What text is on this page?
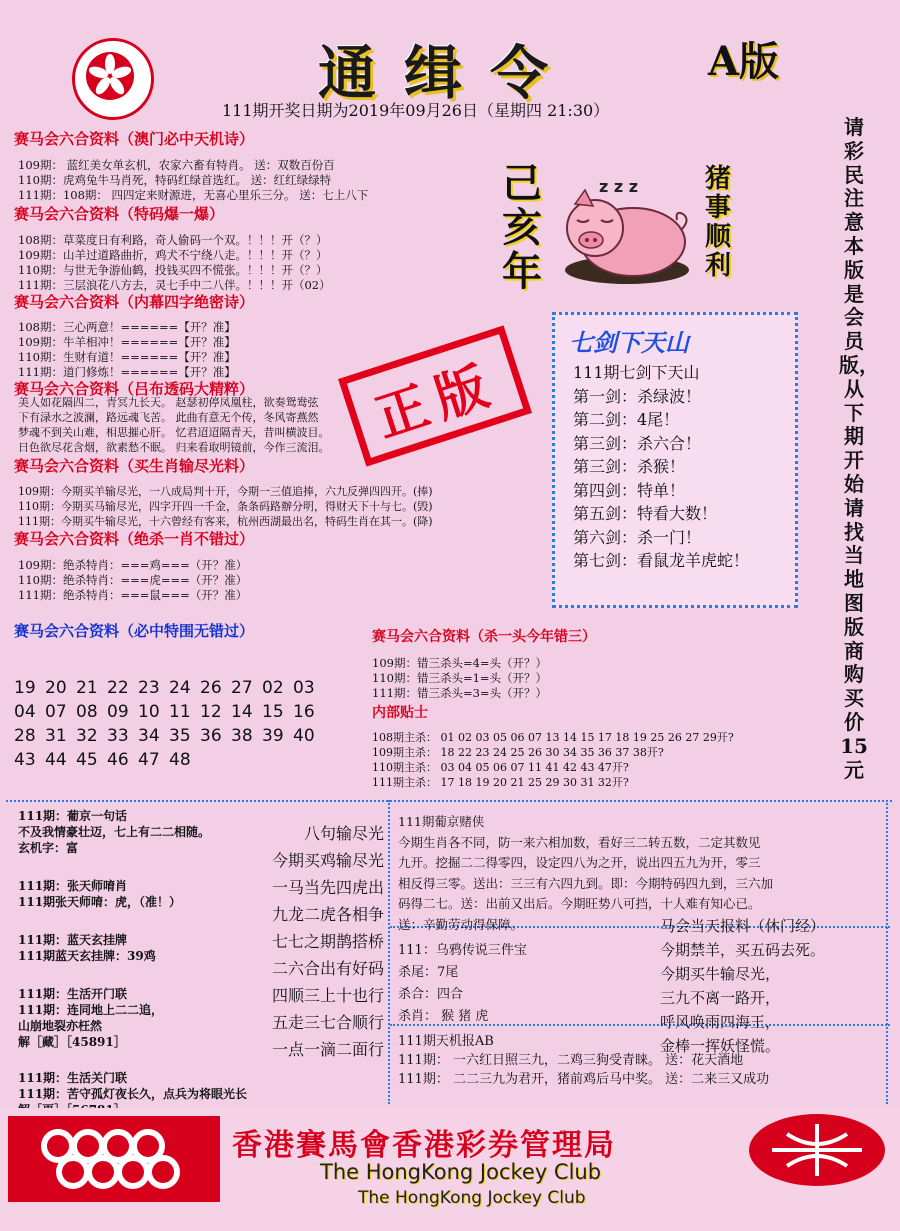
通缉令	A版
111期开奖日期为2019年09月26日（星期四 21:30）
赛马会六合资料（澳门必中天机诗）
109期： 蓝红美女单玄机，农家六畜有特肖。 送：双数百份百
110期：虎鸡兔牛马肖死，特码红绿首选红。 送：红红绿绿特
111期：108期： 四四定来财源进，无喜心里乐三分。 送：七上八下
赛马会六合资料（特码爆一爆）
108期：草菜度日有利路，奇人偷码一个双。！！！开（？）
109期：山羊过道路曲折，鸡犬不宁绕八走。！！！开（？）
110期：与世无争游仙鹤，投钱买四不慌张。！！！开（？）
111期：三层浪花八方去，灵七手中二八伴。！！！开（02）
赛马会六合资料（内幕四字绝密诗）
108期：三心两意！======【开？准】
109期：牛羊相冲！======【开？准】
110期：生财有道！======【开？准】
111期：道门修炼！======【开？准】
赛马会六合资料（吕布透码大精粹）
美人如花隔四二，青冥九长天。 赵瑟初停凤凰柱，欲奏鸳鸯弦
下有渌水之波澜，路远魂飞苦。 此曲有意无个传，冬风寄燕然
梦魂不到关山难，相思摧心肝。 忆君迢迢隔青天，昔叫横波目。
日色欲尽花含烟，欲素愁不眠。 归来看取明镜前，今作三流泪。
赛马会六合资料（买生肖输尽光料）
109期：今期买羊输尽光，一八成局判十开，今期一三值追捧，六九反弹四四开。(捧)
110期：今期买马输尽光，四字开四一千金，条条码路辦分明，得财天下十与七。(毁)
111期：今期买牛输尽光，十六曾经有客来，杭州西湖最出名，特码生肖在其一。(降)
赛马会六合资料（绝杀一肖不错过）
109期：绝杀特肖：===鸡===（开？准）
110期：绝杀特肖：===虎===（开？准）
111期：绝杀特肖：===鼠===（开？准）
己亥年
z z z	猪事顺利
正版
七剑下天山
111期七剑下天山
第一剑：杀绿波！
第二剑：4尾！
第三剑：杀六合！
第三剑：杀猴！
第四剑：特单！
第五剑：特看大数！
第六剑：杀一门！
第七剑：看鼠龙羊虎蛇！
请彩民注意本版是会员版，从下期开始请找当地图版商购买价15元
赛马会六合资料（必中特围无错过）
19 20 21 22 23 24 26 27 02 03
04 07 08 09 10 11 12 14 15 16
28 31 32 33 34 35 36 38 39 40
43 44 45 46 47 48
赛马会六合资料（杀一头今年错三）
109期：错三杀头=4=头（开？）
110期：错三杀头=1=头（开？）
111期：错三杀头=3=头（开？）
内部贴士
108期主杀： 01 02 03 05 06 07 13 14 15 17 18 19 25 26 27 29开?
109期主杀： 18 22 23 24 25 26 30 34 35 36 37 38开?
110期主杀： 03 04 05 06 07 11 41 42 43 47开?
111期主杀： 17 18 19 20 21 25 29 30 31 32开?
111期：葡京一句话
不及我情豪壮迈，七上有二二相随。
玄机字：富
111期：张天师唷肖
111期张天师唷：虎，（准！）
111期：蓝天玄挂牌
111期蓝天玄挂牌：39鸡
111期：生活开门联
111期：连同地上二二追，
山崩地裂亦枉然
解［藏］［45891］
111期：生活关门联
111期：苦守孤灯夜长久，点兵为将眼光长
八句输尽光
今期买鸡输尽光
一马当先四虎出
九龙二虎各相争
七七之期鹊搭桥
二六合出有好码
四顺三上十也行
五走三七合顺行
一点一滴二面行
111期葡京赌侠
今期生肖各不同，防一来六相加数，看好三二转五数，二定其数见
九开。挖掘二二得零四，设定四八为之开，说出四五九为开，零三
相反得三零。送出：三三有六四九到。即：今期特码四九到，三六加
码得二七。送：出前又出后。今期旺势八可挡，十人难有知心已。
送：辛勤劳动得保障。
111：乌鸦传说三件宝
杀尾：7尾
杀合：四合
杀肖： 猴 猪 虎
马会当天报料（休门经）
今期禁羊，买五码去死。
今期买牛输尽光，
三九不离一路开，
呼风唤雨四海王，
金棒一挥妖怪慌。
111期天机报AB
111期： 一六红日照三九，二鸡三狗受青睐。 送：花天酒地
111期： 二二三九为君开，猪前鸡后马中奖。 送：二来三又成功
香港賽馬會香港彩券管理局
The HongKong Jockey Club
The HongKong Jockey Club
